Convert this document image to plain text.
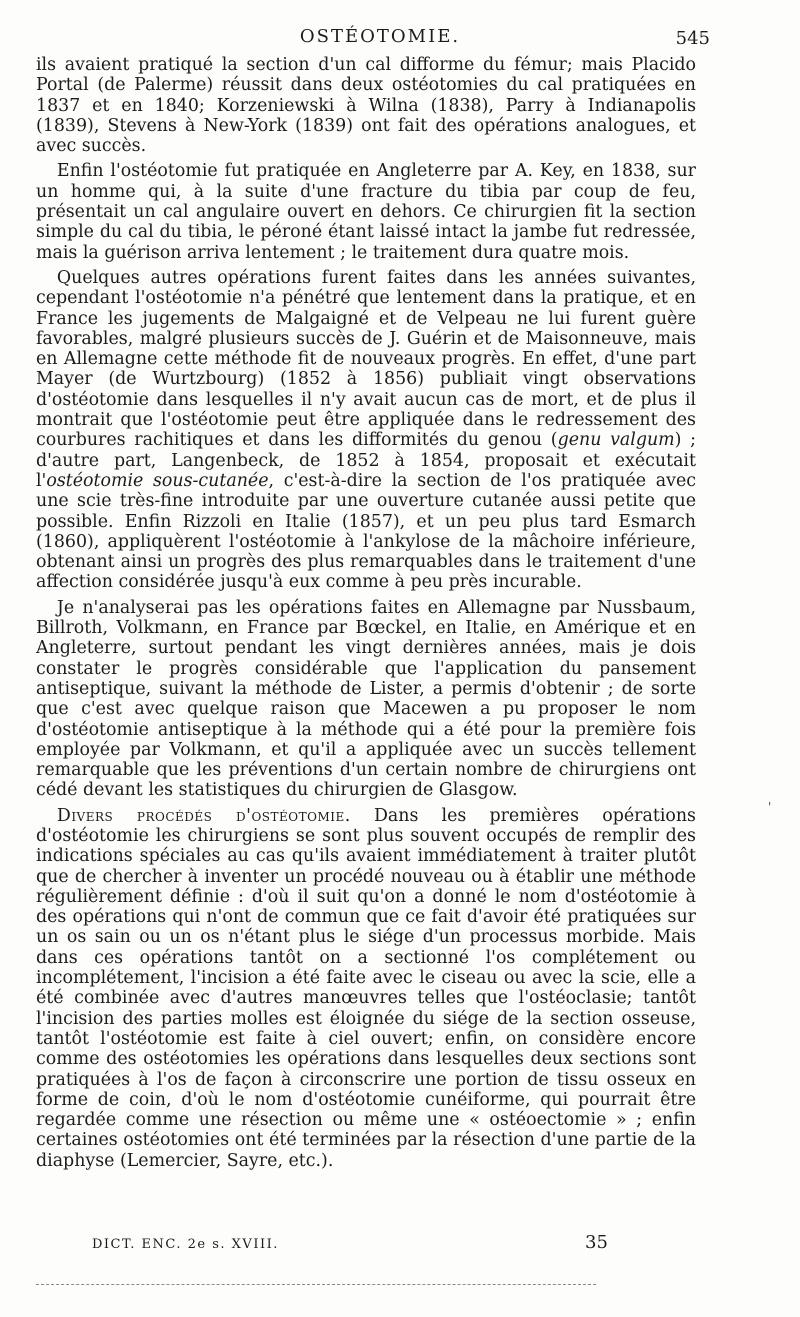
OSTÉOTOMIE.	545

ils avaient pratiqué la section d'un cal difforme du fémur; mais Placido Portal (de Palerme) réussit dans deux ostéotomies du cal pratiquées en 1837 et en 1840; Korzeniewski à Wilna (1838), Parry à Indianapolis (1839), Stevens à New-York (1839) ont fait des opérations analogues, et avec succès.

Enfin l'ostéotomie fut pratiquée en Angleterre par A. Key, en 1838, sur un homme qui, à la suite d'une fracture du tibia par coup de feu, présentait un cal angulaire ouvert en dehors. Ce chirurgien fit la section simple du cal du tibia, le péroné étant laissé intact la jambe fut redressée, mais la guérison arriva lentement ; le traitement dura quatre mois.

Quelques autres opérations furent faites dans les années suivantes, cependant l'ostéotomie n'a pénétré que lentement dans la pratique, et en France les jugements de Malgaigné et de Velpeau ne lui furent guère favorables, malgré plusieurs succès de J. Guérin et de Maisonneuve, mais en Allemagne cette méthode fit de nouveaux progrès. En effet, d'une part Mayer (de Wurtzbourg) (1852 à 1856) publiait vingt observations d'ostéotomie dans lesquelles il n'y avait aucun cas de mort, et de plus il montrait que l'ostéotomie peut être appliquée dans le redressement des courbures rachitiques et dans les difformités du genou (genu valgum) ; d'autre part, Langenbeck, de 1852 à 1854, proposait et exécutait l'ostéotomie sous-cutanée, c'est-à-dire la section de l'os pratiquée avec une scie très-fine introduite par une ouverture cutanée aussi petite que possible. Enfin Rizzoli en Italie (1857), et un peu plus tard Esmarch (1860), appliquèrent l'ostéotomie à l'ankylose de la mâchoire inférieure, obtenant ainsi un progrès des plus remarquables dans le traitement d'une affection considérée jusqu'à eux comme à peu près incurable.

Je n'analyserai pas les opérations faites en Allemagne par Nussbaum, Billroth, Volkmann, en France par Bœckel, en Italie, en Amérique et en Angleterre, surtout pendant les vingt dernières années, mais je dois constater le progrès considérable que l'application du pansement antiseptique, suivant la méthode de Lister, a permis d'obtenir ; de sorte que c'est avec quelque raison que Macewen a pu proposer le nom d'ostéotomie antiseptique à la méthode qui a été pour la première fois employée par Volkmann, et qu'il a appliquée avec un succès tellement remarquable que les préventions d'un certain nombre de chirurgiens ont cédé devant les statistiques du chirurgien de Glasgow.

Divers procédés d'ostéotomie. Dans les premières opérations d'ostéotomie les chirurgiens se sont plus souvent occupés de remplir des indications spéciales au cas qu'ils avaient immédiatement à traiter plutôt que de chercher à inventer un procédé nouveau ou à établir une méthode régulièrement définie : d'où il suit qu'on a donné le nom d'ostéotomie à des opérations qui n'ont de commun que ce fait d'avoir été pratiquées sur un os sain ou un os n'étant plus le siége d'un processus morbide. Mais dans ces opérations tantôt on a sectionné l'os complétement ou incomplétement, l'incision a été faite avec le ciseau ou avec la scie, elle a été combinée avec d'autres manœuvres telles que l'ostéoclasie; tantôt l'incision des parties molles est éloignée du siége de la section osseuse, tantôt l'ostéotomie est faite à ciel ouvert; enfin, on considère encore comme des ostéotomies les opérations dans lesquelles deux sections sont pratiquées à l'os de façon à circonscrire une portion de tissu osseux en forme de coin, d'où le nom d'ostéotomie cunéiforme, qui pourrait être regardée comme une résection ou même une « ostéoectomie » ; enfin certaines ostéotomies ont été terminées par la résection d'une partie de la diaphyse (Lemercier, Sayre, etc.).

'
DICT. ENC. 2e s. XVIII.	35
